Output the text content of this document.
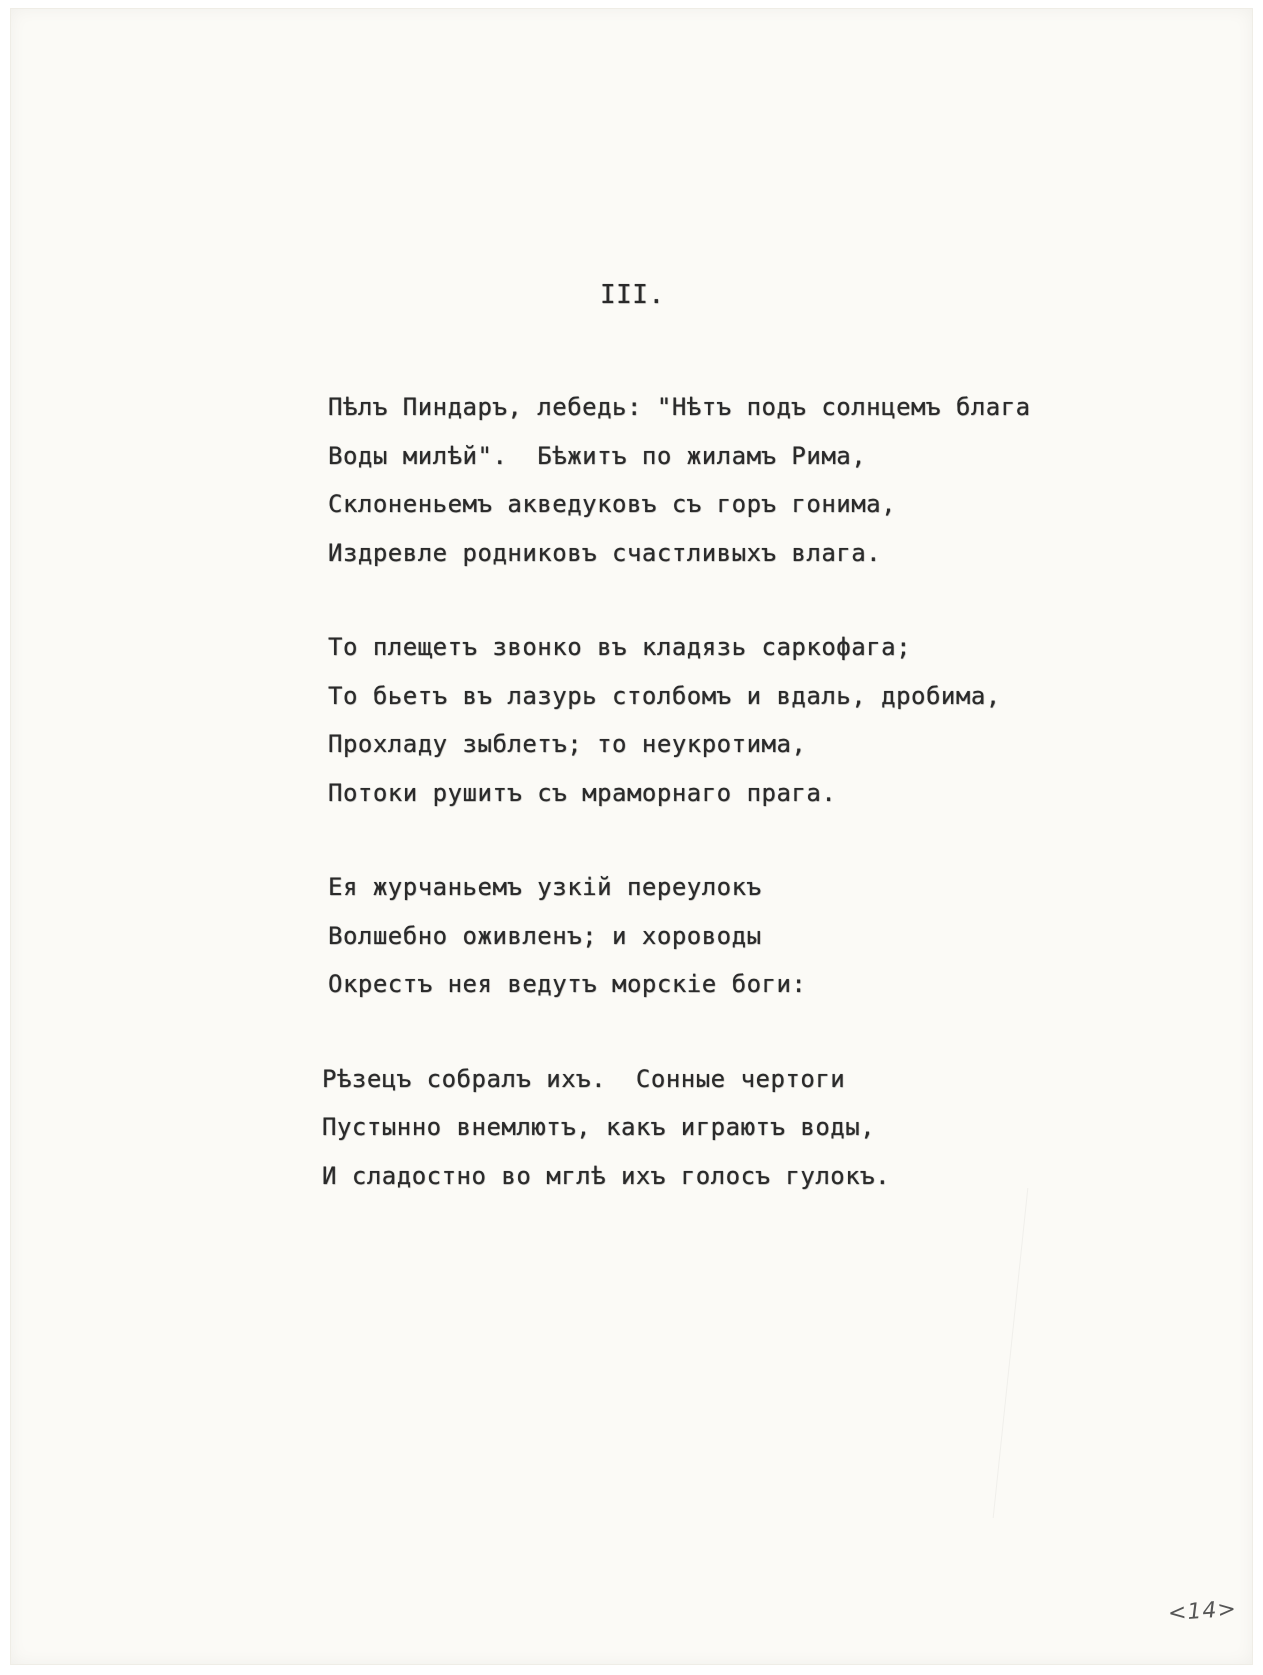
III.
Пѣлъ Пиндаръ, лебедь: "Нѣтъ подъ солнцемъ блага
Воды милѣй".  Бѣжитъ по жиламъ Рима,
Склоненьемъ акведуковъ съ горъ гонима,
Издревле родниковъ счастливыхъ влага.
То плещетъ звонко въ кладязь саркофага;
То бьетъ въ лазурь столбомъ и вдаль, дробима,
Прохладу зыблетъ; то неукротима,
Потоки рушитъ съ мраморнаго прага.
Ея журчаньемъ узкій переулокъ
Волшебно оживленъ; и хороводы
Окрестъ нея ведутъ морскіе боги:
Рѣзецъ собралъ ихъ.  Сонные чертоги
Пустынно внемлютъ, какъ играютъ воды,
И сладостно во мглѣ ихъ голосъ гулокъ.
<14>
